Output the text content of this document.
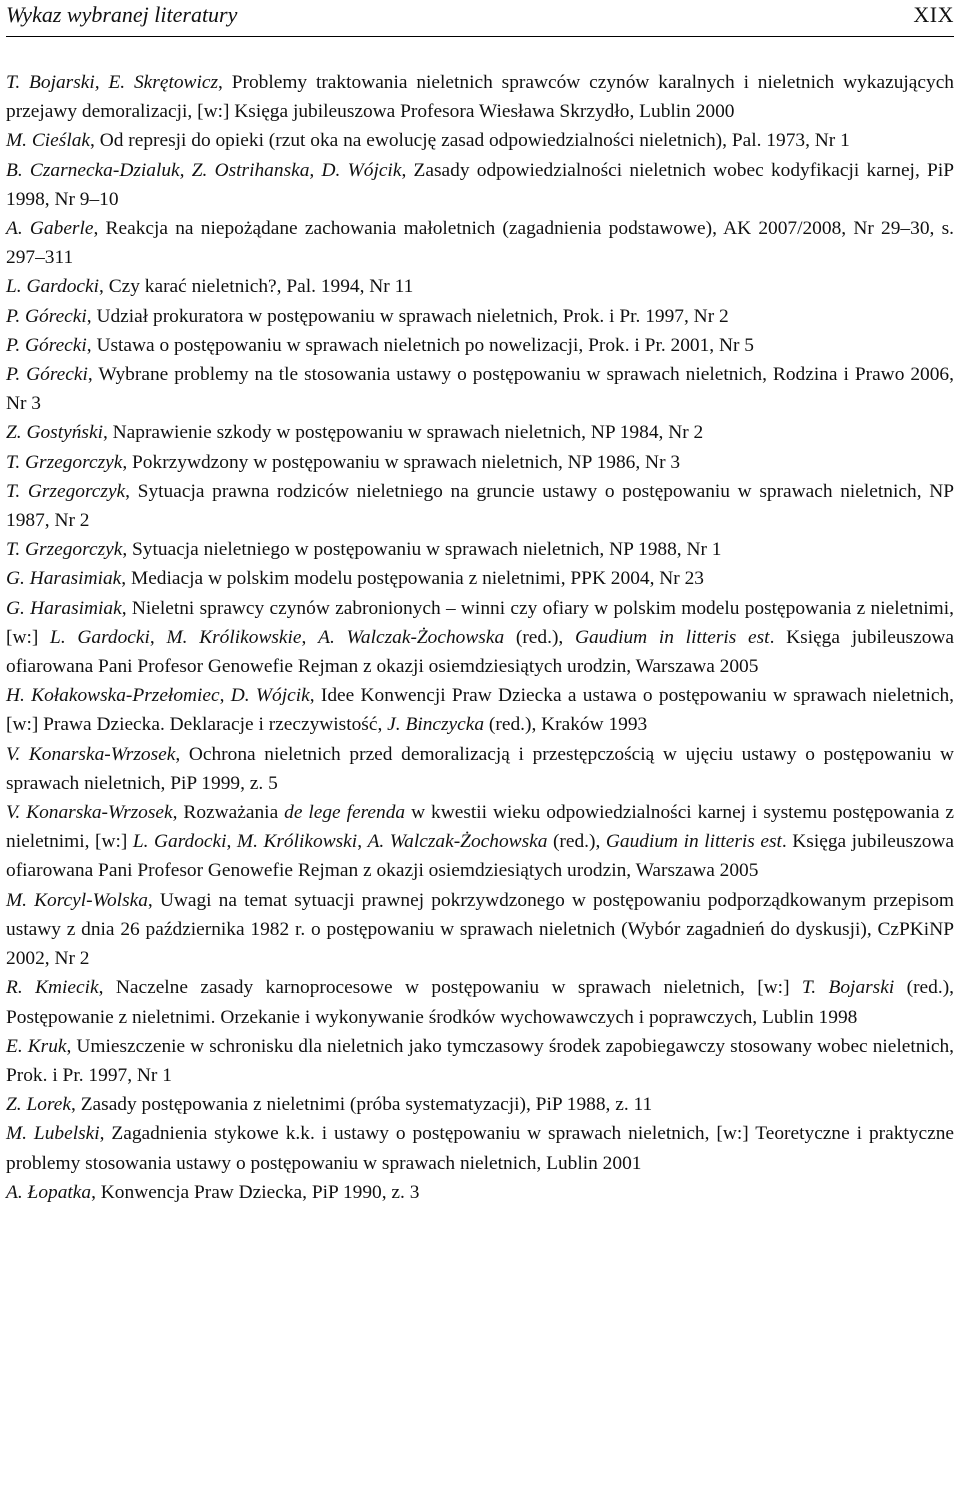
Wykaz wybranej literatury	XIX
T. Bojarski, E. Skrętowicz, Problemy traktowania nieletnich sprawców czynów karalnych i nieletnich wykazujących przejawy demoralizacji, [w:] Księga jubileuszowa Profesora Wiesława Skrzydło, Lublin 2000
M. Cieślak, Od represji do opieki (rzut oka na ewolucję zasad odpowiedzialności nieletnich), Pal. 1973, Nr 1
B. Czarnecka-Dzialuk, Z. Ostrihanska, D. Wójcik, Zasady odpowiedzialności nieletnich wobec kodyfikacji karnej, PiP 1998, Nr 9–10
A. Gaberle, Reakcja na niepożądane zachowania małoletnich (zagadnienia podstawowe), AK 2007/2008, Nr 29–30, s. 297–311
L. Gardocki, Czy karać nieletnich?, Pal. 1994, Nr 11
P. Górecki, Udział prokuratora w postępowaniu w sprawach nieletnich, Prok. i Pr. 1997, Nr 2
P. Górecki, Ustawa o postępowaniu w sprawach nieletnich po nowelizacji, Prok. i Pr. 2001, Nr 5
P. Górecki, Wybrane problemy na tle stosowania ustawy o postępowaniu w sprawach nieletnich, Rodzina i Prawo 2006, Nr 3
Z. Gostyński, Naprawienie szkody w postępowaniu w sprawach nieletnich, NP 1984, Nr 2
T. Grzegorczyk, Pokrzywdzony w postępowaniu w sprawach nieletnich, NP 1986, Nr 3
T. Grzegorczyk, Sytuacja prawna rodziców nieletniego na gruncie ustawy o postępowaniu w sprawach nieletnich, NP 1987, Nr 2
T. Grzegorczyk, Sytuacja nieletniego w postępowaniu w sprawach nieletnich, NP 1988, Nr 1
G. Harasimiak, Mediacja w polskim modelu postępowania z nieletnimi, PPK 2004, Nr 23
G. Harasimiak, Nieletni sprawcy czynów zabronionych – winni czy ofiary w polskim modelu postępowania z nieletnimi, [w:] L. Gardocki, M. Królikowskie, A. Walczak-Żochowska (red.), Gaudium in litteris est. Księga jubileuszowa ofiarowana Pani Profesor Genowefie Rejman z okazji osiemdziesiątych urodzin, Warszawa 2005
H. Kołakowska-Przełomiec, D. Wójcik, Idee Konwencji Praw Dziecka a ustawa o postępowaniu w sprawach nieletnich, [w:] Prawa Dziecka. Deklaracje i rzeczywistość, J. Binczycka (red.), Kraków 1993
V. Konarska-Wrzosek, Ochrona nieletnich przed demoralizacją i przestępczością w ujęciu ustawy o postępowaniu w sprawach nieletnich, PiP 1999, z. 5
V. Konarska-Wrzosek, Rozważania de lege ferenda w kwestii wieku odpowiedzialności karnej i systemu postępowania z nieletnimi, [w:] L. Gardocki, M. Królikowski, A. Walczak-Żochowska (red.), Gaudium in litteris est. Księga jubileuszowa ofiarowana Pani Profesor Genowefie Rejman z okazji osiemdziesiątych urodzin, Warszawa 2005
M. Korcyl-Wolska, Uwagi na temat sytuacji prawnej pokrzywdzonego w postępowaniu podporządkowanym przepisom ustawy z dnia 26 października 1982 r. o postępowaniu w sprawach nieletnich (Wybór zagadnień do dyskusji), CzPKiNP 2002, Nr 2
R. Kmiecik, Naczelne zasady karnoprocesowe w postępowaniu w sprawach nieletnich, [w:] T. Bojarski (red.), Postępowanie z nieletnimi. Orzekanie i wykonywanie środków wychowawczych i poprawczych, Lublin 1998
E. Kruk, Umieszczenie w schronisku dla nieletnich jako tymczasowy środek zapobiegawczy stosowany wobec nieletnich, Prok. i Pr. 1997, Nr 1
Z. Lorek, Zasady postępowania z nieletnimi (próba systematyzacji), PiP 1988, z. 11
M. Lubelski, Zagadnienia stykowe k.k. i ustawy o postępowaniu w sprawach nieletnich, [w:] Teoretyczne i praktyczne problemy stosowania ustawy o postępowaniu w sprawach nieletnich, Lublin 2001
A. Łopatka, Konwencja Praw Dziecka, PiP 1990, z. 3
